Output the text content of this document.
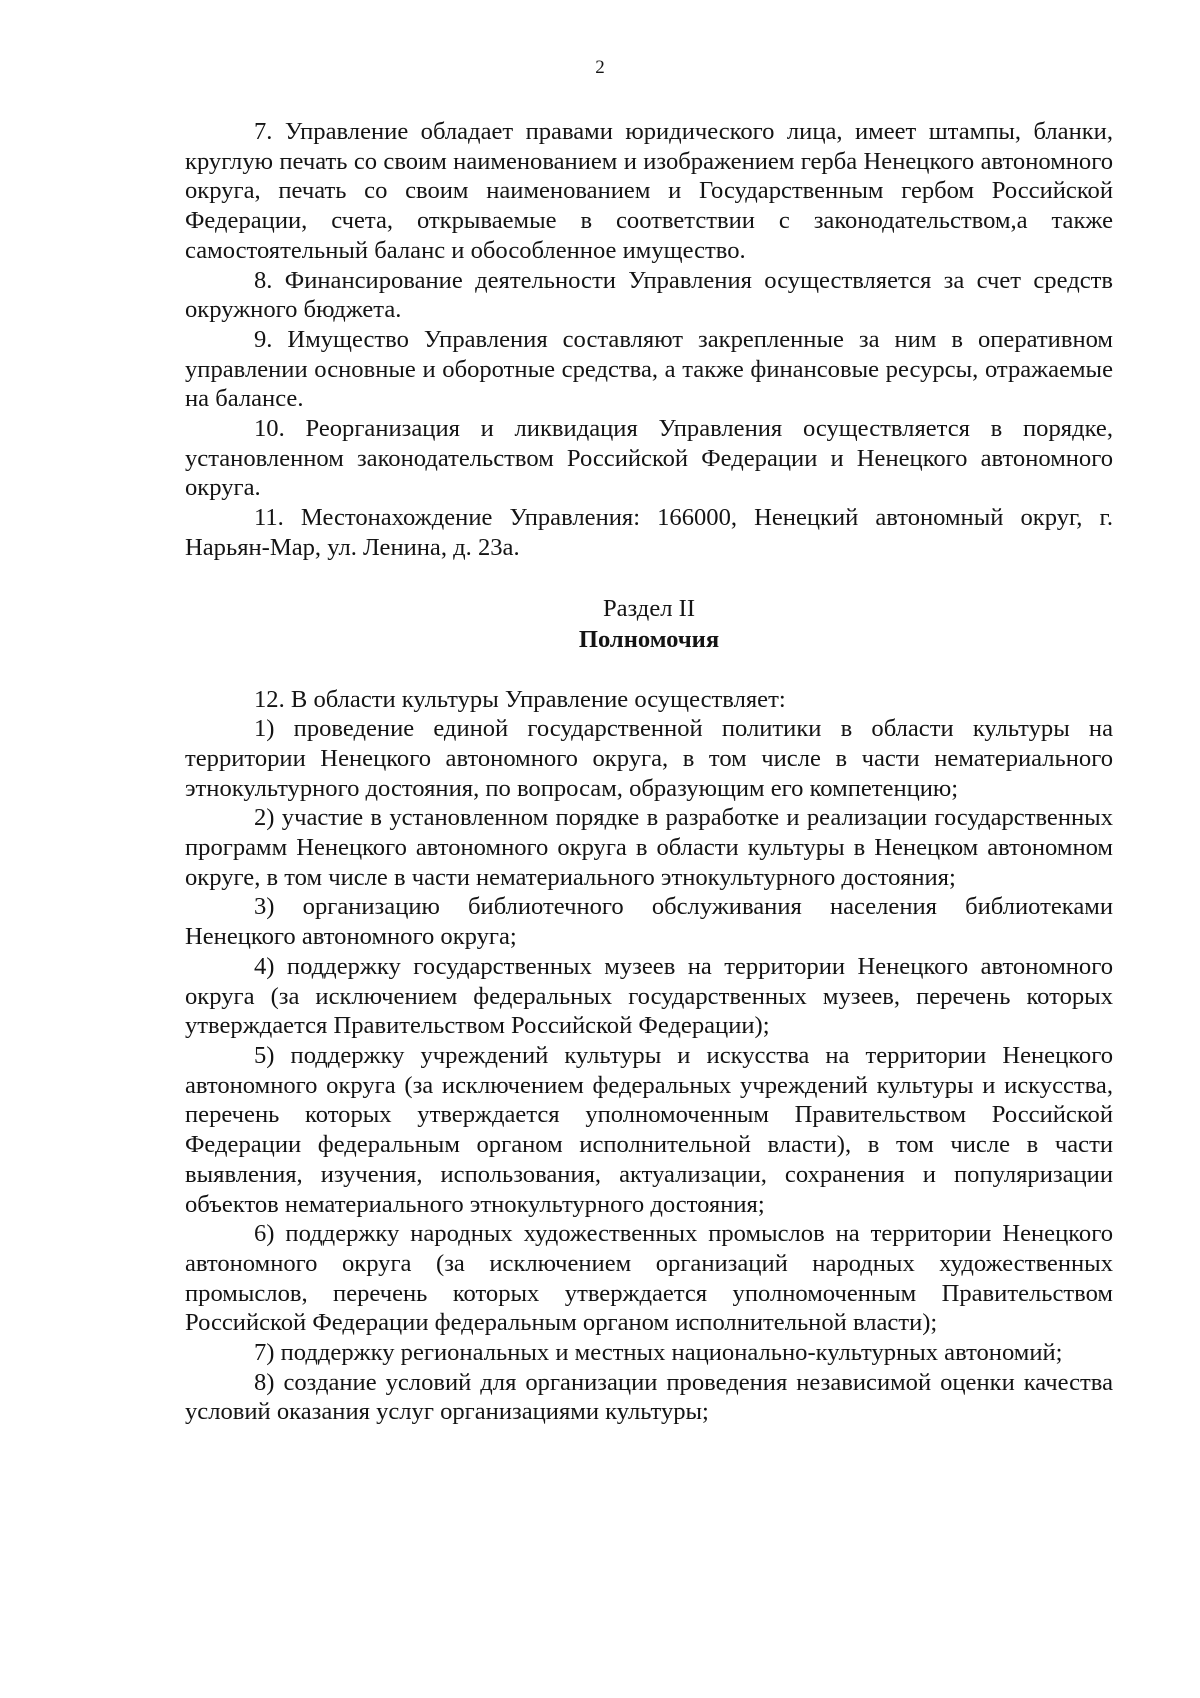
2

7. Управление обладает правами юридического лица, имеет штампы, бланки, круглую печать со своим наименованием и изображением герба Ненецкого автономного округа, печать со своим наименованием и Государственным гербом Российской Федерации, счета, открываемые в соответствии с законодательством,а также самостоятельный баланс и обособленное имущество.

8. Финансирование деятельности Управления осуществляется за счет средств окружного бюджета.

9. Имущество Управления составляют закрепленные за ним в оперативном управлении основные и оборотные средства, а также финансовые ресурсы, отражаемые на балансе.

10. Реорганизация и ликвидация Управления осуществляется в порядке, установленном законодательством Российской Федерации и Ненецкого автономного округа.

11. Местонахождение Управления: 166000, Ненецкий автономный округ, г. Нарьян-Мар, ул. Ленина, д. 23а.

Раздел II
Полномочия

12. В области культуры Управление осуществляет:

1) проведение единой государственной политики в области культуры на территории Ненецкого автономного округа, в том числе в части нематериального этнокультурного достояния, по вопросам, образующим его компетенцию;

2) участие в установленном порядке в разработке и реализации государственных программ Ненецкого автономного округа в области культуры в Ненецком автономном округе, в том числе в части нематериального этнокультурного достояния;

3) организацию библиотечного обслуживания населения библиотеками Ненецкого автономного округа;

4) поддержку государственных музеев на территории Ненецкого автономного округа (за исключением федеральных государственных музеев, перечень которых утверждается Правительством Российской Федерации);

5) поддержку учреждений культуры и искусства на территории Ненецкого автономного округа (за исключением федеральных учреждений культуры и искусства, перечень которых утверждается уполномоченным Правительством Российской Федерации федеральным органом исполнительной власти), в том числе в части выявления, изучения, использования, актуализации, сохранения и популяризации объектов нематериального этнокультурного достояния;

6) поддержку народных художественных промыслов на территории Ненецкого автономного округа (за исключением организаций народных художественных промыслов, перечень которых утверждается уполномоченным Правительством Российской Федерации федеральным органом исполнительной власти);

7) поддержку региональных и местных национально-культурных автономий;

8) создание условий для организации проведения независимой оценки качества условий оказания услуг организациями культуры;
